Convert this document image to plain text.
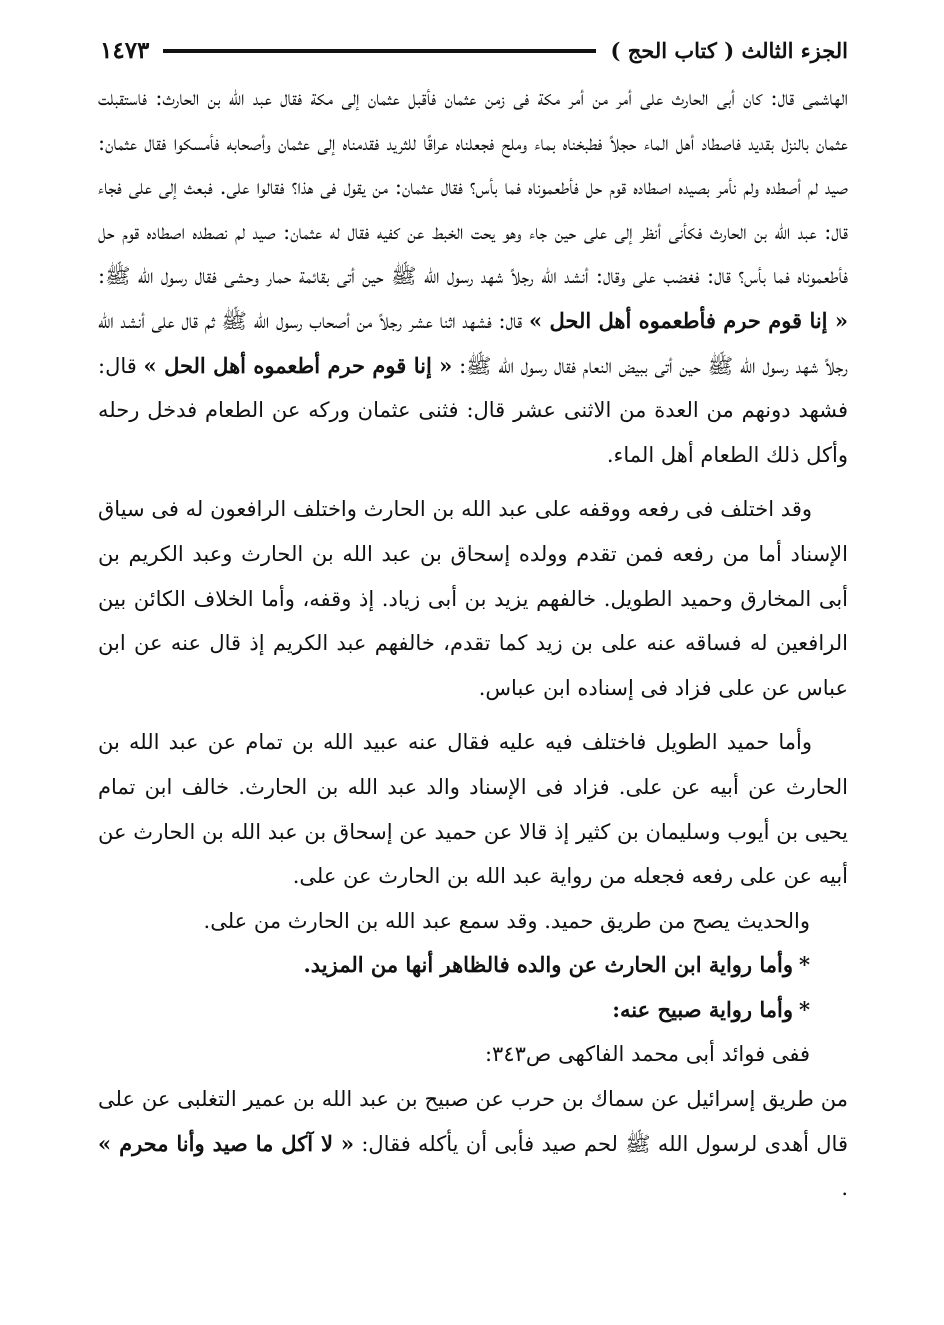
الجزء الثالث ( كتاب الحج )
١٤٧٣

الهاشمى قال: كان أبى الحارث على أمر من أمر مكة فى زمن عثمان فأقبل عثمان إلى مكة فقال عبد الله بن الحارث: فاستقبلت عثمان بالنزل بقديد فاصطاد أهل الماء حجلاً فطبخناه بماء وملح فجعلناه عراقًا للثريد فقدمناه إلى عثمان وأصحابه فأمسكوا فقال عثمان: صيد لم أصطده ولم نأمر بصيده اصطاده قوم حل فأطعموناه فما بأس؟ فقال عثمان: من يقول فى هذا؟ فقالوا على. فبعث إلى على فجاء قال: عبد الله بن الحارث فكأنى أنظر إلى على حين جاء وهو يحت الخبط عن كفيه فقال له عثمان: صيد لم نصطده اصطاده قوم حل فأطعموناه فما بأس؟ قال: فغضب على وقال: أنشد الله رجلاً شهد رسول الله ﷺ حين أتى بقائمة حمار وحشى فقال رسول الله ﷺ: « إنا قوم حرم فأطعموه أهل الحل » قال: فشهد اثنا عشر رجلاً من أصحاب رسول الله ﷺ ثم قال على أنشد الله رجلاً شهد رسول الله ﷺ حين أتى ببيض النعام فقال رسول الله ﷺ: « إنا قوم حرم أطعموه أهل الحل » قال: فشهد دونهم من العدة من الاثنى عشر قال: فثنى عثمان وركه عن الطعام فدخل رحله وأكل ذلك الطعام أهل الماء.

وقد اختلف فى رفعه ووقفه على عبد الله بن الحارث واختلف الرافعون له فى سياق الإسناد أما من رفعه فمن تقدم وولده إسحاق بن عبد الله بن الحارث وعبد الكريم بن أبى المخارق وحميد الطويل. خالفهم يزيد بن أبى زياد. إذ وقفه، وأما الخلاف الكائن بين الرافعين له فساقه عنه على بن زيد كما تقدم، خالفهم عبد الكريم إذ قال عنه عن ابن عباس عن على فزاد فى إسناده ابن عباس.

وأما حميد الطويل فاختلف فيه عليه فقال عنه عبيد الله بن تمام عن عبد الله بن الحارث عن أبيه عن على. فزاد فى الإسناد والد عبد الله بن الحارث. خالف ابن تمام يحيى بن أيوب وسليمان بن كثير إذ قالا عن حميد عن إسحاق بن عبد الله بن الحارث عن أبيه عن على رفعه فجعله من رواية عبد الله بن الحارث عن على.

والحديث يصح من طريق حميد. وقد سمع عبد الله بن الحارث من على.

*وأما رواية ابن الحارث عن والده فالظاهر أنها من المزيد.

*وأما رواية صبيح عنه:

ففى فوائد أبى محمد الفاكهى ص٣٤٣:

من طريق إسرائيل عن سماك بن حرب عن صبيح بن عبد الله بن عمير التغلبى عن على قال أهدى لرسول الله ﷺ لحم صيد فأبى أن يأكله فقال: « لا آكل ما صيد وأنا محرم » .
